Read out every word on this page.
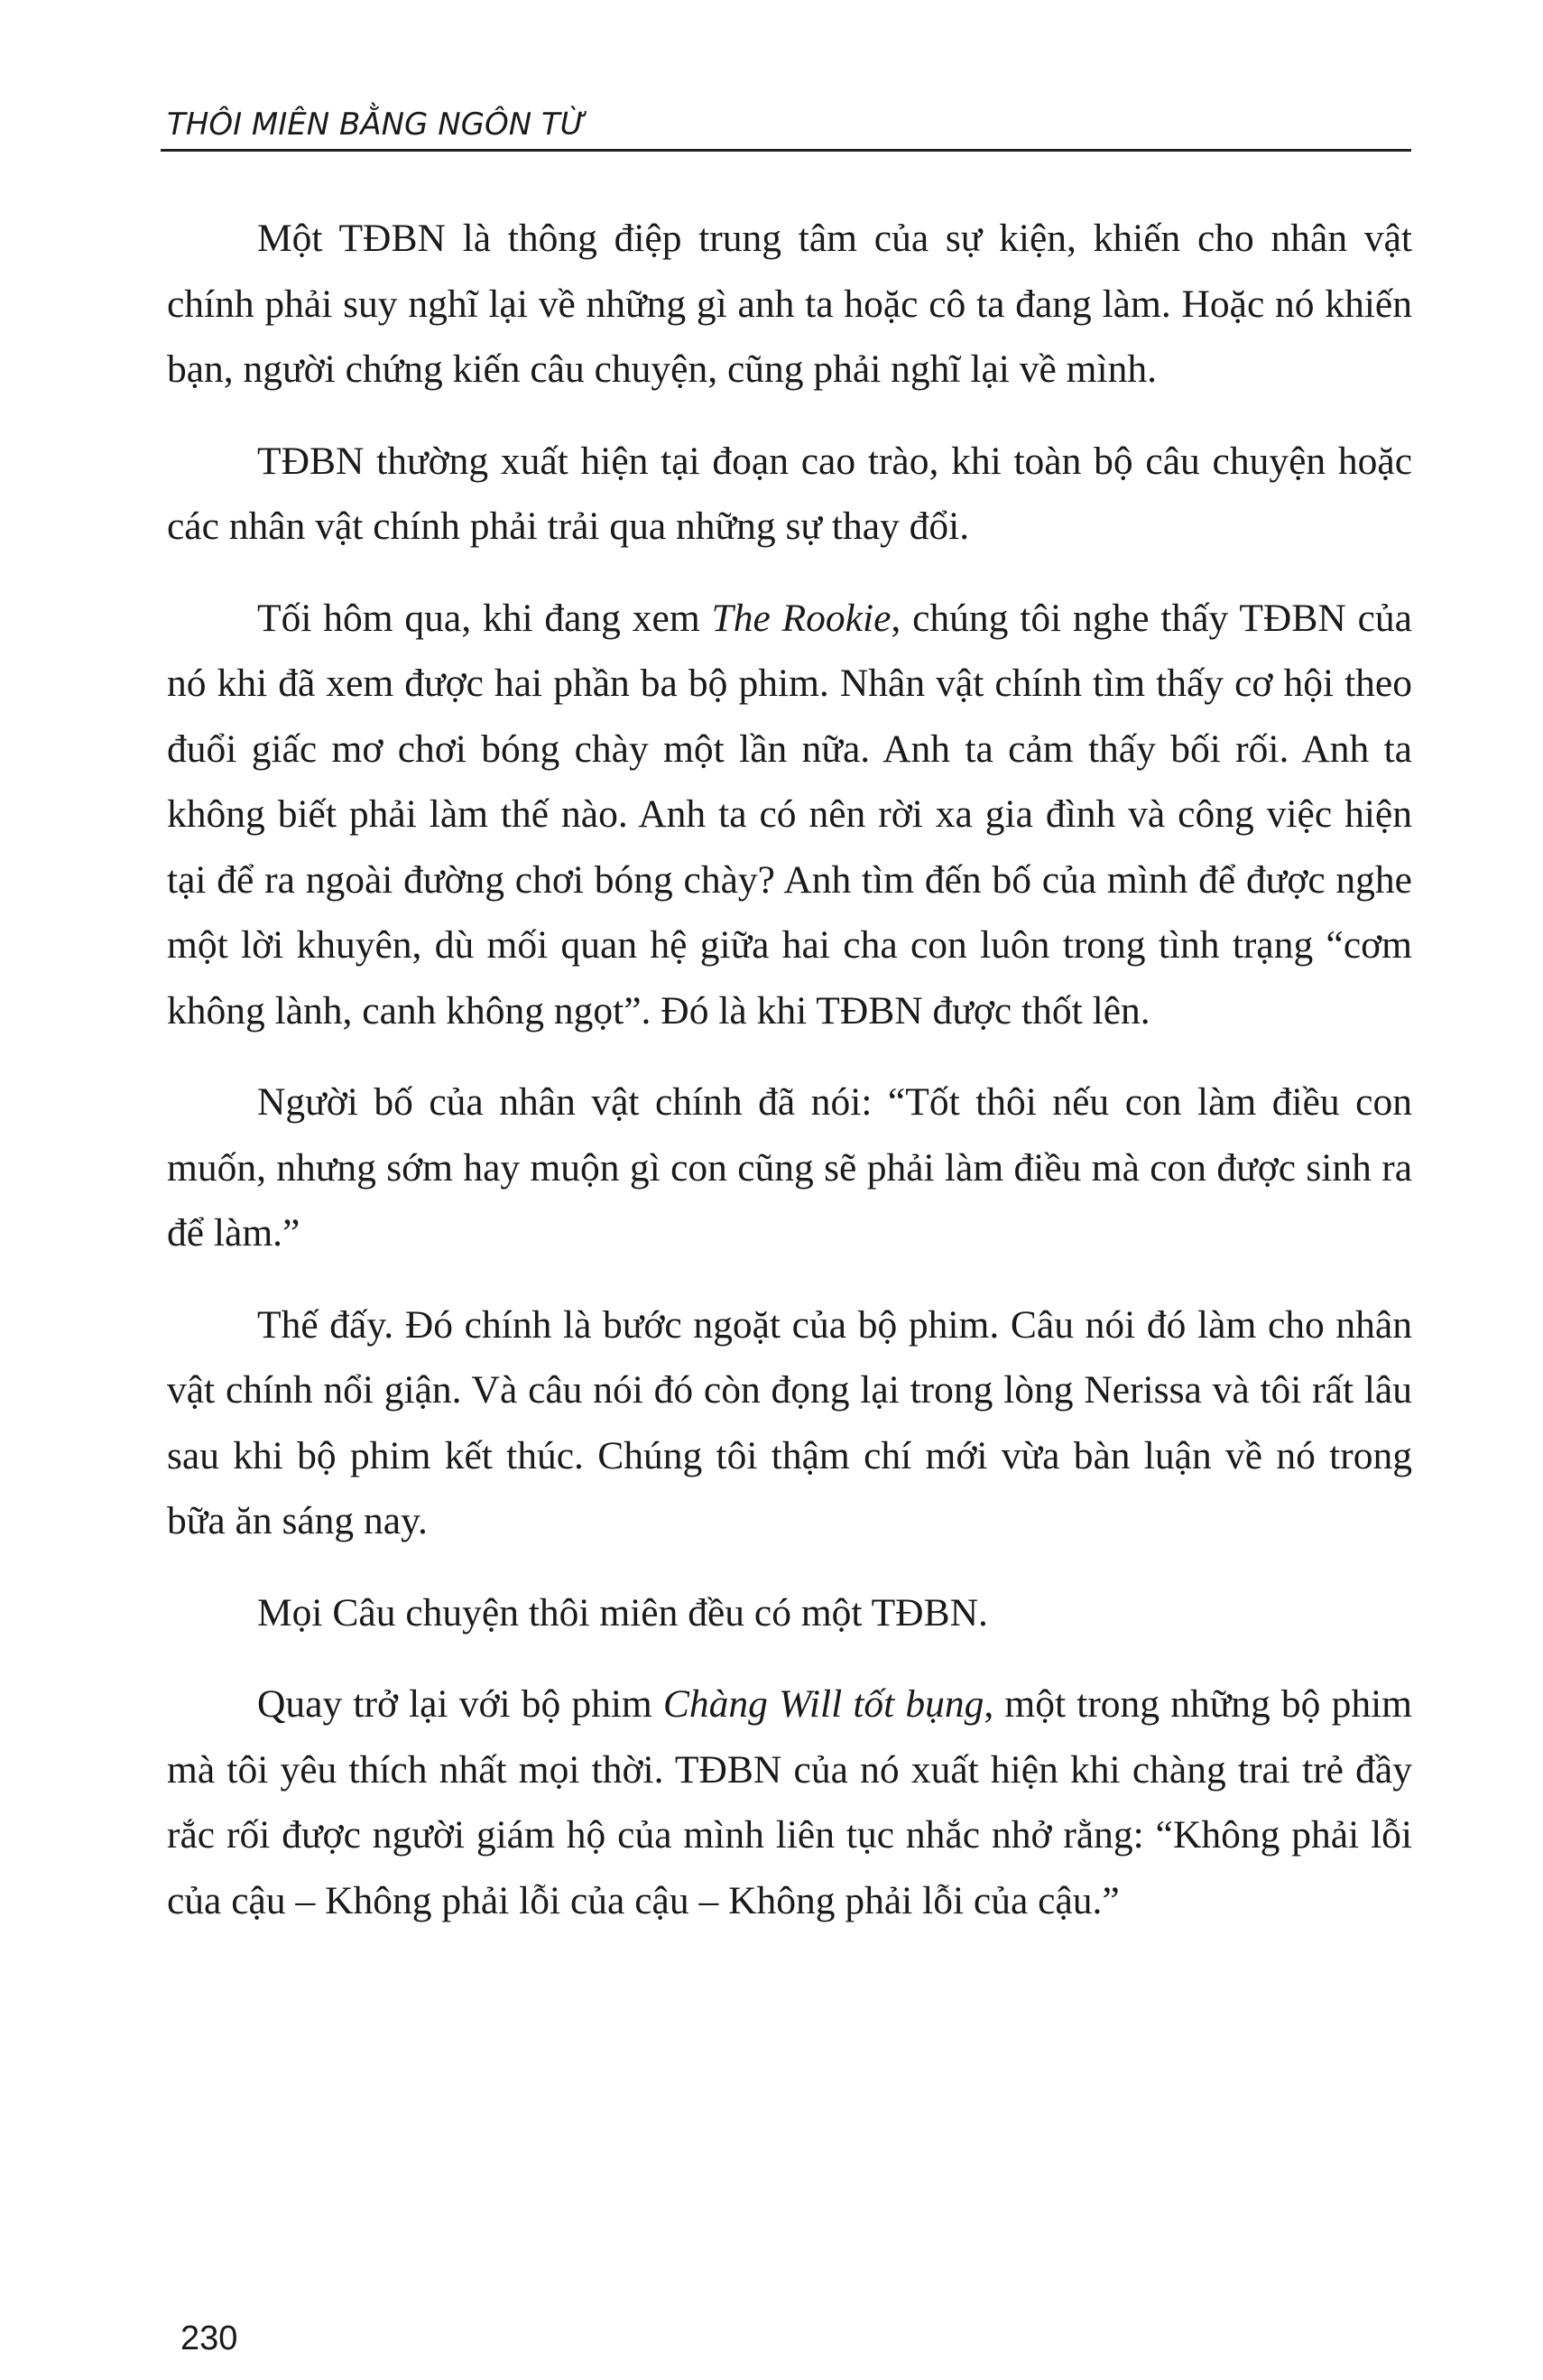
THÔI MIÊN BẰNG NGÔN TỪ

Một TĐBN là thông điệp trung tâm của sự kiện, khiến cho nhân vật chính phải suy nghĩ lại về những gì anh ta hoặc cô ta đang làm. Hoặc nó khiến bạn, người chứng kiến câu chuyện, cũng phải nghĩ lại về mình.

TĐBN thường xuất hiện tại đoạn cao trào, khi toàn bộ câu chuyện hoặc các nhân vật chính phải trải qua những sự thay đổi.

Tối hôm qua, khi đang xem The Rookie, chúng tôi nghe thấy TĐBN của nó khi đã xem được hai phần ba bộ phim. Nhân vật chính tìm thấy cơ hội theo đuổi giấc mơ chơi bóng chày một lần nữa. Anh ta cảm thấy bối rối. Anh ta không biết phải làm thế nào. Anh ta có nên rời xa gia đình và công việc hiện tại để ra ngoài đường chơi bóng chày? Anh tìm đến bố của mình để được nghe một lời khuyên, dù mối quan hệ giữa hai cha con luôn trong tình trạng “cơm không lành, canh không ngọt”. Đó là khi TĐBN được thốt lên.

Người bố của nhân vật chính đã nói: “Tốt thôi nếu con làm điều con muốn, nhưng sớm hay muộn gì con cũng sẽ phải làm điều mà con được sinh ra để làm.”

Thế đấy. Đó chính là bước ngoặt của bộ phim. Câu nói đó làm cho nhân vật chính nổi giận. Và câu nói đó còn đọng lại trong lòng Nerissa và tôi rất lâu sau khi bộ phim kết thúc. Chúng tôi thậm chí mới vừa bàn luận về nó trong bữa ăn sáng nay.

Mọi Câu chuyện thôi miên đều có một TĐBN.

Quay trở lại với bộ phim Chàng Will tốt bụng, một trong những bộ phim mà tôi yêu thích nhất mọi thời. TĐBN của nó xuất hiện khi chàng trai trẻ đầy rắc rối được người giám hộ của mình liên tục nhắc nhở rằng: “Không phải lỗi của cậu – Không phải lỗi của cậu – Không phải lỗi của cậu.”

230
